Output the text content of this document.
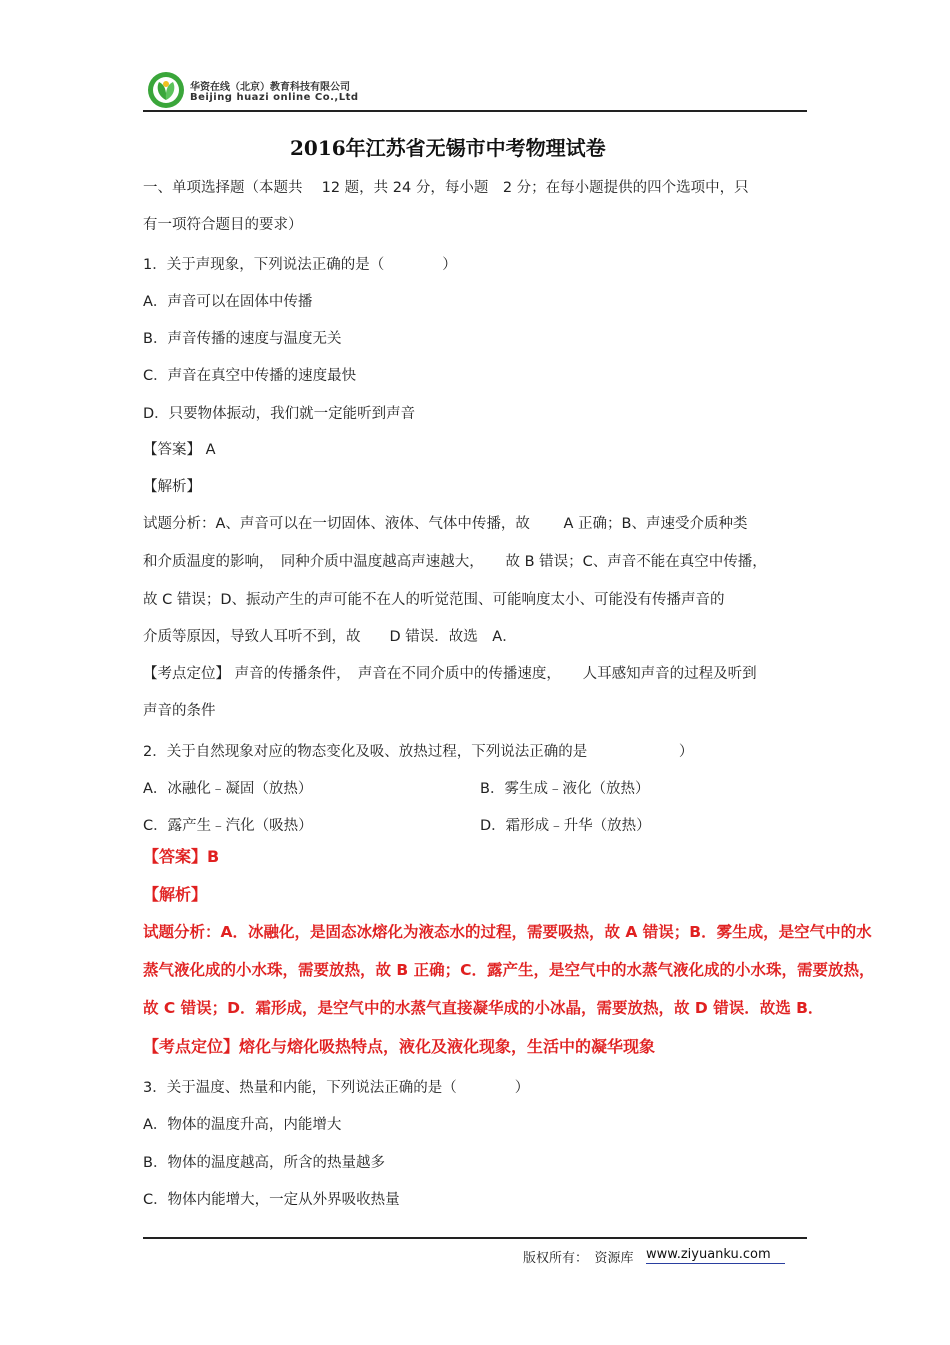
华资在线（北京）教育科技有限公司
Beijing huazi online Co.,Ltd
2016年江苏省无锡市中考物理试卷
一、单项选择题（本题共　 12 题，共 24 分，每小题　2 分；在每小题提供的四个选项中，只
有一项符合题目的要求）
1．关于声现象，下列说法正确的是（　　　　）
A．声音可以在固体中传播
B．声音传播的速度与温度无关
C．声音在真空中传播的速度最快
D．只要物体振动，我们就一定能听到声音
【答案】 A
【解析】
试题分析：A、声音可以在一切固体、液体、气体中传播，故　　 A 正确；B、声速受介质种类
和介质温度的影响，　同种介质中温度越高声速越大，　　故 B 错误；C、声音不能在真空中传播，
故 C 错误；D、振动产生的声可能不在人的听觉范围、可能响度太小、可能没有传播声音的
介质等原因，导致人耳听不到，故　　D 错误．故选　A．
【考点定位】 声音的传播条件，　声音在不同介质中的传播速度，　　人耳感知声音的过程及听到
声音的条件
2．关于自然现象对应的物态变化及吸、放热过程，下列说法正确的是　　　　　　 ）
A．冰融化﹣凝固（放热）	B．雾生成﹣液化（放热）
C．露产生﹣汽化（吸热）	D．霜形成﹣升华（放热）
【答案】B
【解析】
试题分析：A．冰融化，是固态冰熔化为液态水的过程，需要吸热，故 A 错误；B．雾生成，是空气中的水
蒸气液化成的小水珠，需要放热，故 B 正确；C．露产生，是空气中的水蒸气液化成的小水珠，需要放热，
故 C 错误；D．霜形成，是空气中的水蒸气直接凝华成的小冰晶，需要放热，故 D 错误．故选 B．
【考点定位】熔化与熔化吸热特点，液化及液化现象，生活中的凝华现象
3．关于温度、热量和内能，下列说法正确的是（　　　　）
A．物体的温度升高，内能增大
B．物体的温度越高，所含的热量越多
C．物体内能增大，一定从外界吸收热量
版权所有：　资源库 www.ziyuanku.com
